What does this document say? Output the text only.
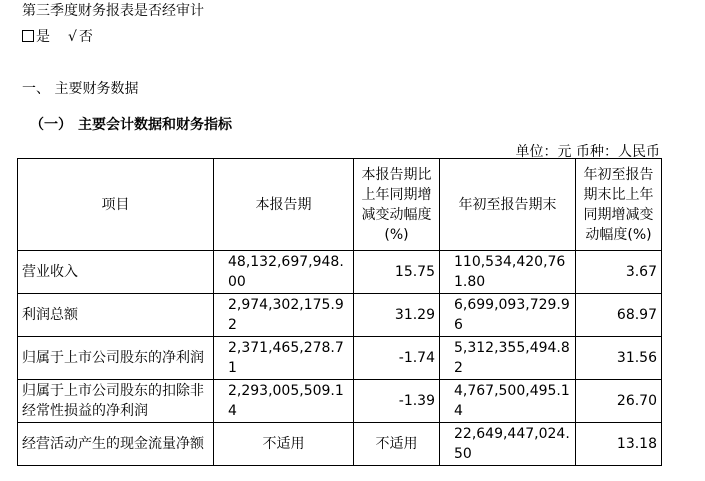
第三季度财务报表是否经审计
是 √ 否
一、 主要财务数据
（一） 主要会计数据和财务指标
单位：元 币种：人民币
项目	本报告期	本报告期比上年同期增减变动幅度(%)	年初至报告期末	年初至报告期末比上年同期增减变动幅度(%)
营业收入	48,132,697,948.00	15.75	110,534,420,761.80	3.67
利润总额	2,974,302,175.92	31.29	6,699,093,729.96	68.97
归属于上市公司股东的净利润	2,371,465,278.71	-1.74	5,312,355,494.82	31.56
归属于上市公司股东的扣除非经常性损益的净利润	2,293,005,509.14	-1.39	4,767,500,495.14	26.70
经营活动产生的现金流量净额	不适用	不适用	22,649,447,024.50	13.18
